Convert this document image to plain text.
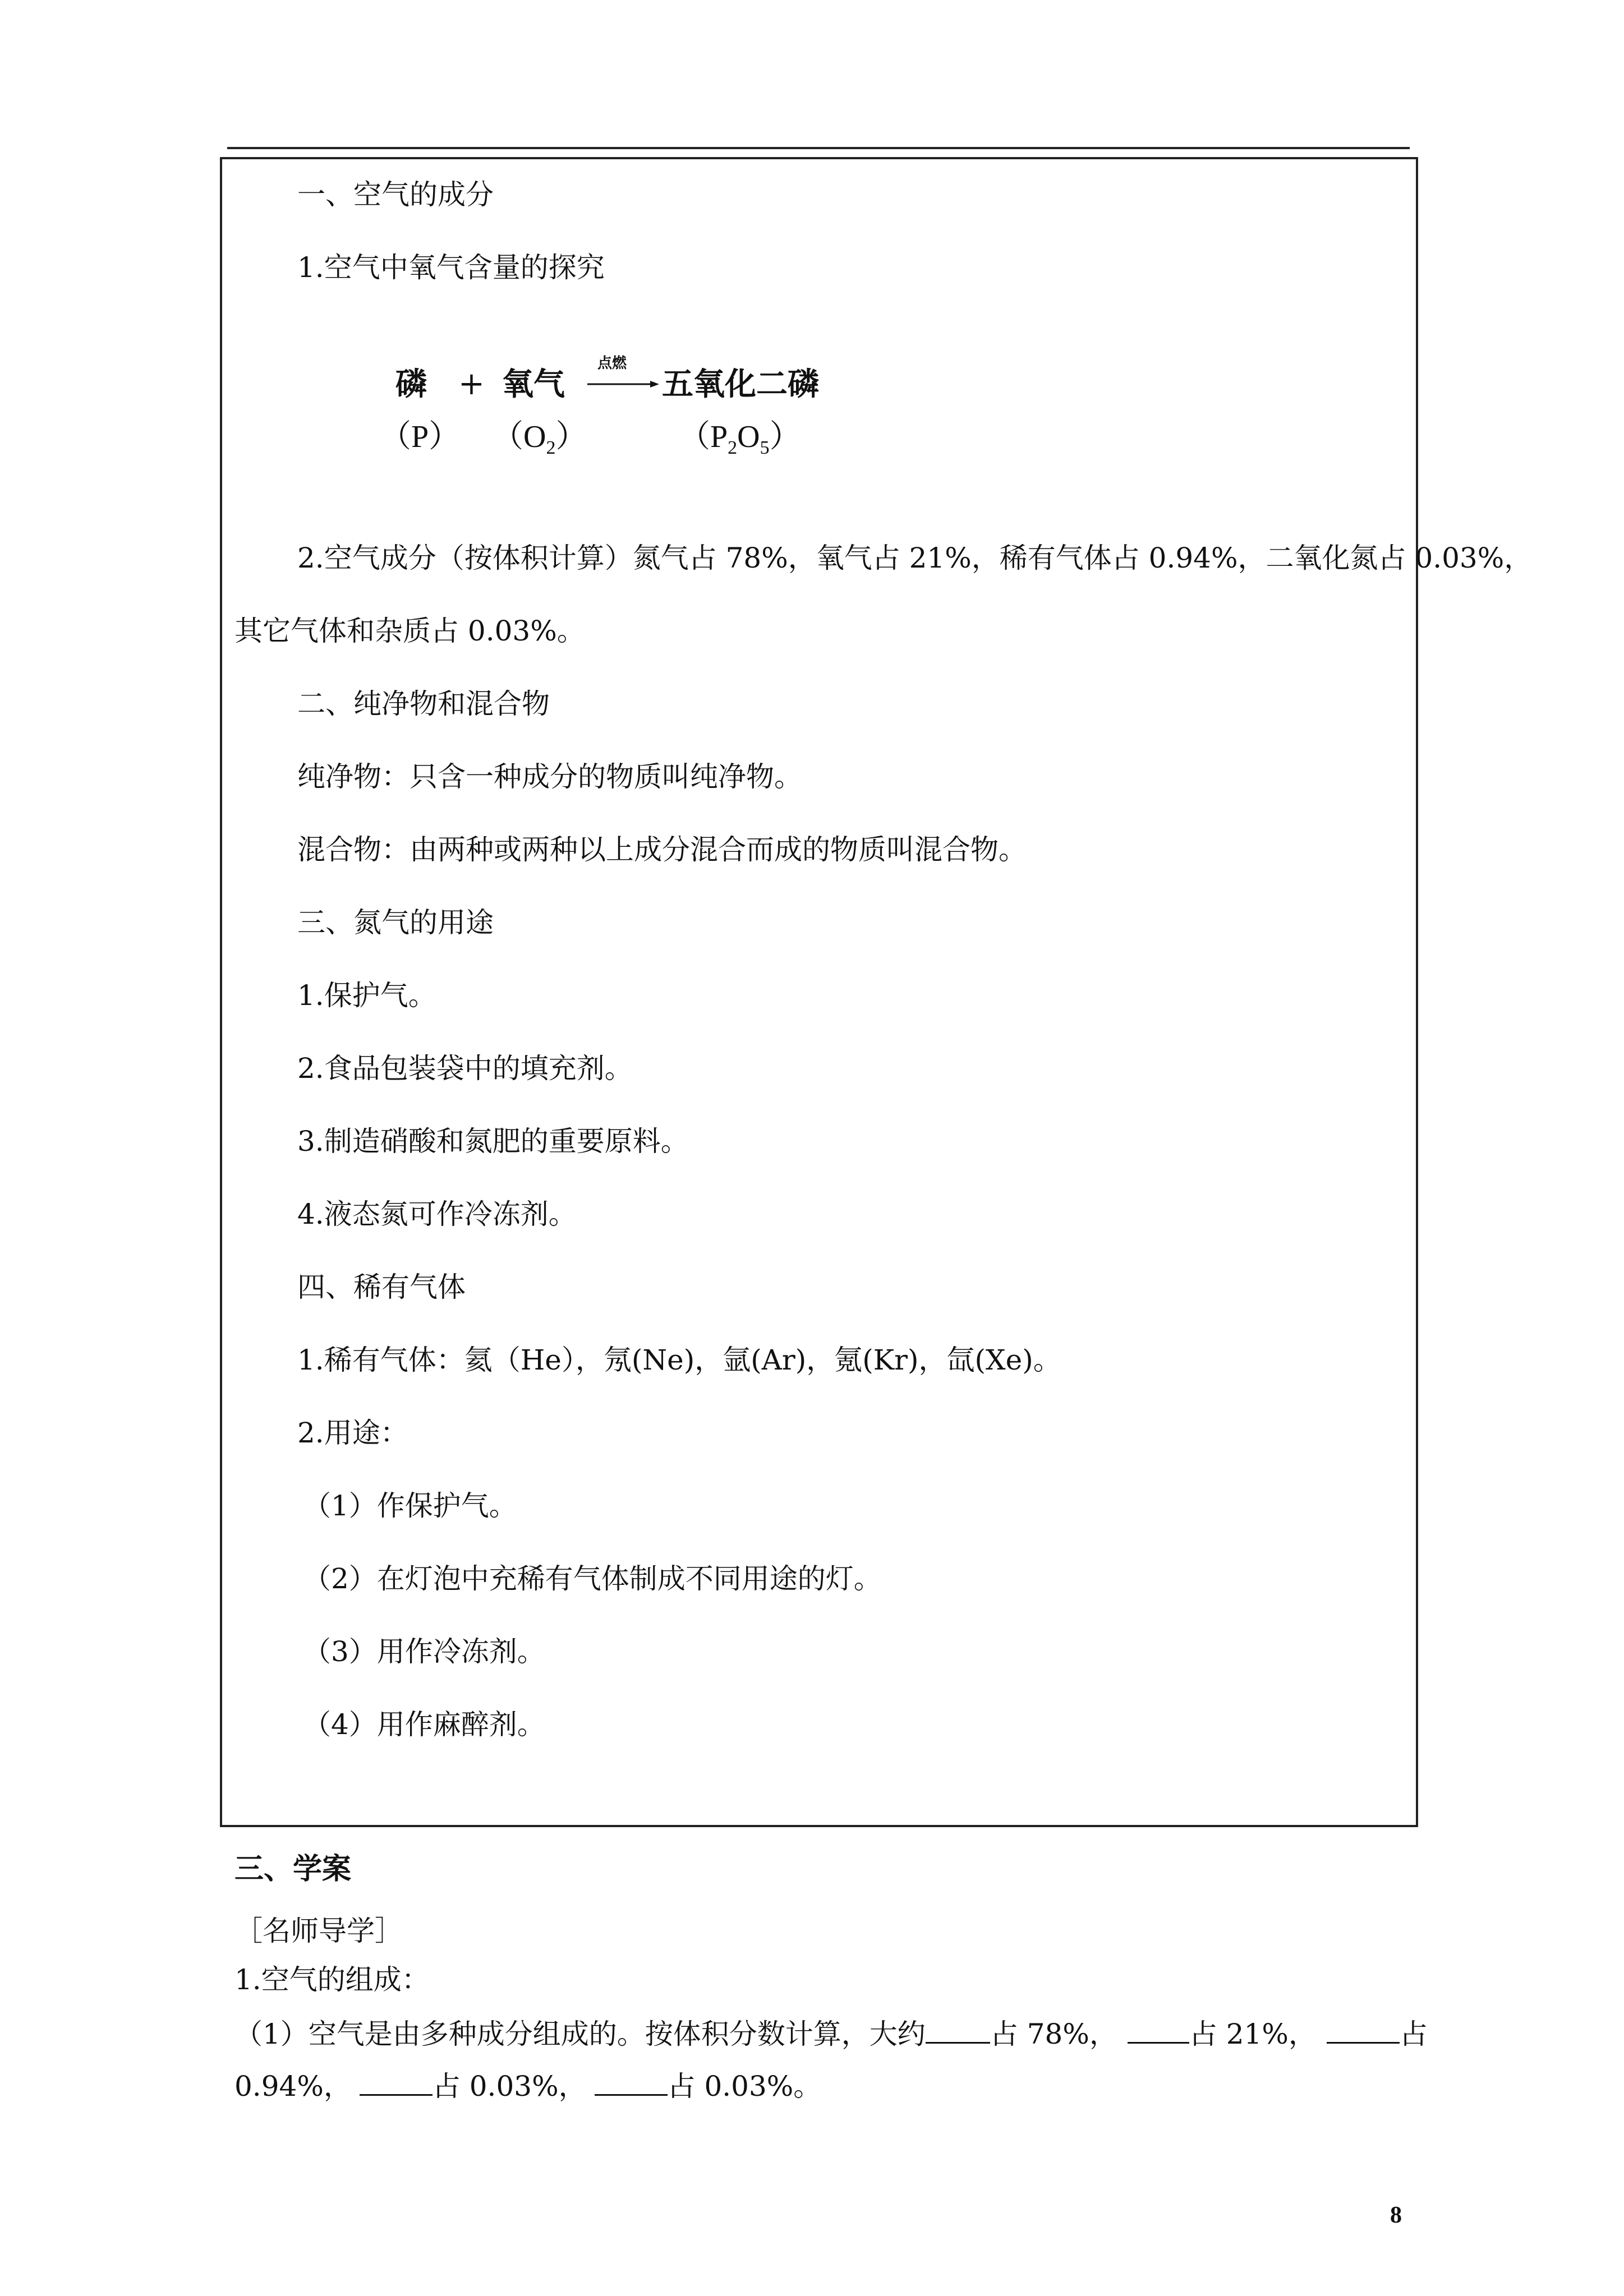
一、空气的成分
1.空气中氧气含量的探究
磷 + 氧气
点燃
五氧化二磷
（P） $(O_2)$	$(P_2O_5)$
2.空气成分（按体积计算）氮气占 78%，氧气占 21%，稀有气体占 0.94%，二氧化氮占 0.03%，
其它气体和杂质占 0.03%。
二、纯净物和混合物
纯净物：只含一种成分的物质叫纯净物。
混合物：由两种或两种以上成分混合而成的物质叫混合物。
三、氮气的用途
1.保护气。
2.食品包装袋中的填充剂。
3.制造硝酸和氮肥的重要原料。
4.液态氮可作冷冻剂。
四、稀有气体
1.稀有气体：氦（He），氖(Ne)，氩(Ar)，氪(Kr)，氙(Xe)。
2.用途：
（1）作保护气。
（2）在灯泡中充稀有气体制成不同用途的灯。
（3）用作冷冻剂。
（4）用作麻醉剂。
三、学案
［名师导学］
1.空气的组成：
（1）空气是由多种成分组成的。按体积分数计算，大约 占 78%，	占 21%，	占
0.94%，	占 0.03%，	占 0.03%。
8
